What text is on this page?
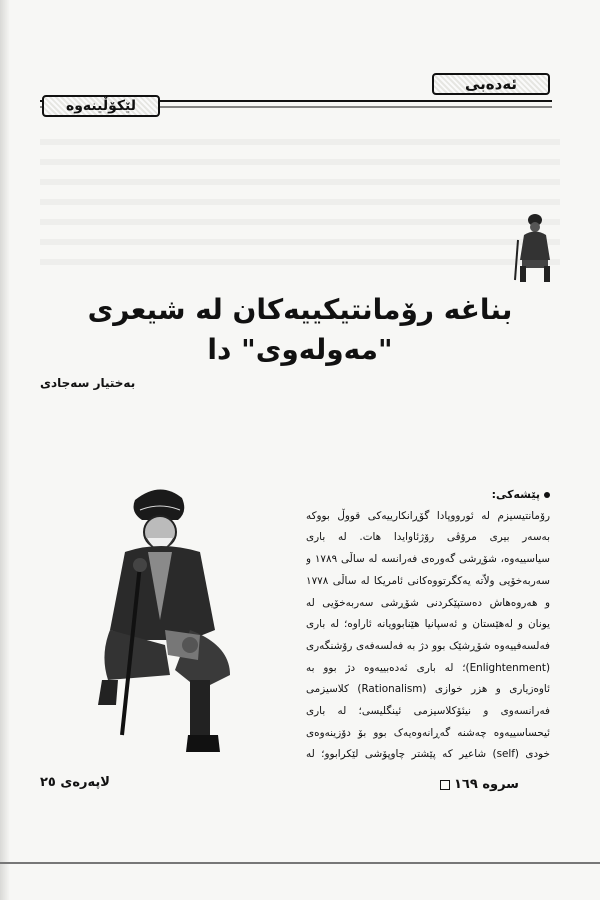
ئەدەبی
لێکۆڵینەوە
بناغە رۆمانتیکییەکان لە شیعری "مەولەوی" دا
بەختیار سەجادی
پێشەکی:
رۆمانتیسیزم لە ئورووپادا گۆڕانکارییەکی قووڵ بووکە
بەسەر بیری مرۆڤی رۆژئاوایدا هات. لە باری
سیاسییەوە، شۆڕشی گەورەی فەرانسە لە ساڵی ١٧٨٩ و
سەربەخۆیی ولاّتە یەکگرتووەکانی ئامریکا لە ساڵی ١٧٧٨
و هەروەهاش دەستپێکردنی شۆڕشی سەربەخۆیی لە
یونان و لەهێستان و ئەسپانیا هێنابوویانە ئاراوە؛ لە باری
فەلسەفییەوە شۆڕشێک بوو دژ بە فەلسەفەی رۆشنگەری
(Enlightenment)؛ لە باری ئەدەبییەوە دژ بوو بە
ئاوەزیاری و هزر خوازی (Rationalism) کلاسیزمی
فەرانسەوی و نیئۆکلاسیزمی ئینگلیسی؛ لە باری
ئیحساسییەوە چەشنە گەڕانەوەیەک بوو بۆ دۆزینەوەی
خودی (self) شاعیر کە پێشتر چاوپۆشی لێکرابوو؛ لە
لاپەرەی ٢٥	سروە ١٦٩
